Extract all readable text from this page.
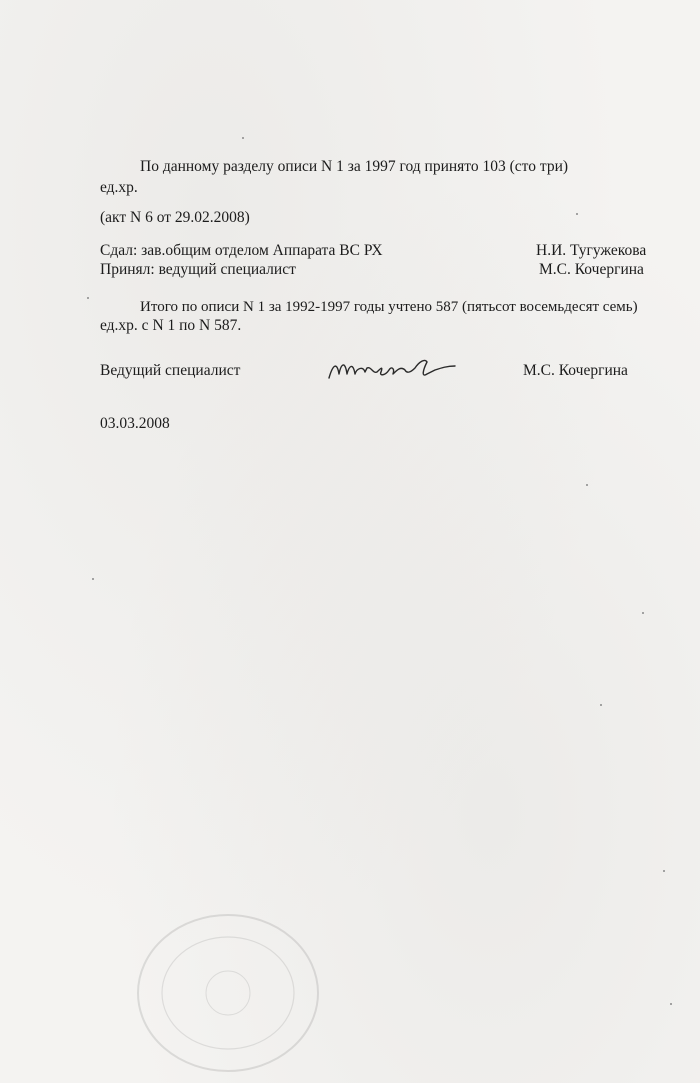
По данному разделу описи N 1 за 1997 год принято 103 (сто три)
ед.хр.
(акт N 6 от 29.02.2008)
Сдал: зав.общим отделом Аппарата ВС РХ	Н.И. Тугужекова
Принял: ведущий специалист	М.С. Кочергина
Итого по описи N 1 за 1992-1997 годы учтено 587 (пятьсот восемьдесят семь)
ед.хр. с N 1 по N 587.
Ведущий специалист	М.С. Кочергина
03.03.2008
